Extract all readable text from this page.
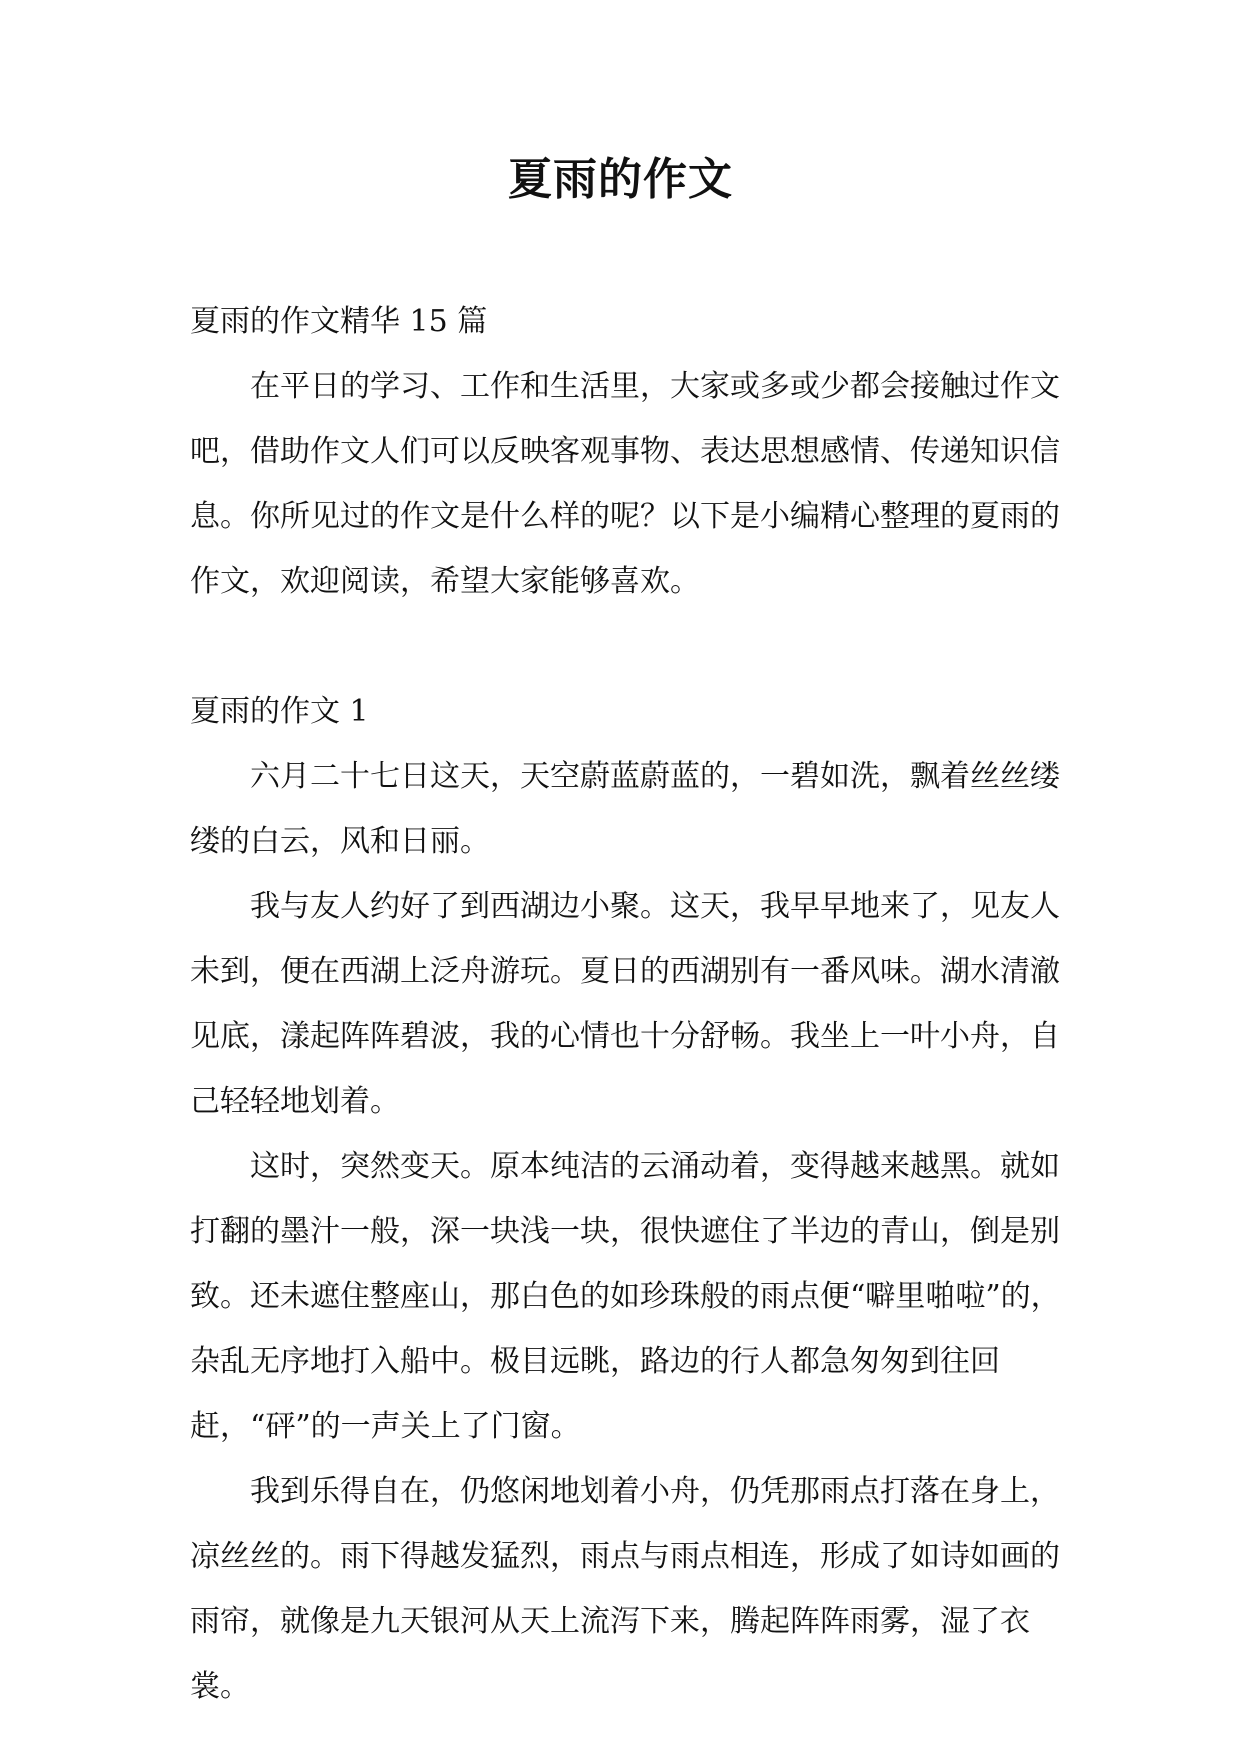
夏雨的作文

夏雨的作文精华 15 篇

在平日的学习、工作和生活里，大家或多或少都会接触过作文吧，借助作文人们可以反映客观事物、表达思想感情、传递知识信息。你所见过的作文是什么样的呢？以下是小编精心整理的夏雨的作文，欢迎阅读，希望大家能够喜欢。

夏雨的作文 1

六月二十七日这天，天空蔚蓝蔚蓝的，一碧如洗，飘着丝丝缕缕的白云，风和日丽。

我与友人约好了到西湖边小聚。这天，我早早地来了，见友人未到，便在西湖上泛舟游玩。夏日的西湖别有一番风味。湖水清澈见底，漾起阵阵碧波，我的心情也十分舒畅。我坐上一叶小舟，自己轻轻地划着。

这时，突然变天。原本纯洁的云涌动着，变得越来越黑。就如打翻的墨汁一般，深一块浅一块，很快遮住了半边的青山，倒是别致。还未遮住整座山，那白色的如珍珠般的雨点便“噼里啪啦”的，杂乱无序地打入船中。极目远眺，路边的行人都急匆匆到往回赶，“砰”的一声关上了门窗。

我到乐得自在，仍悠闲地划着小舟，仍凭那雨点打落在身上，凉丝丝的。雨下得越发猛烈，雨点与雨点相连，形成了如诗如画的雨帘，就像是九天银河从天上流泻下来，腾起阵阵雨雾，湿了衣裳。
